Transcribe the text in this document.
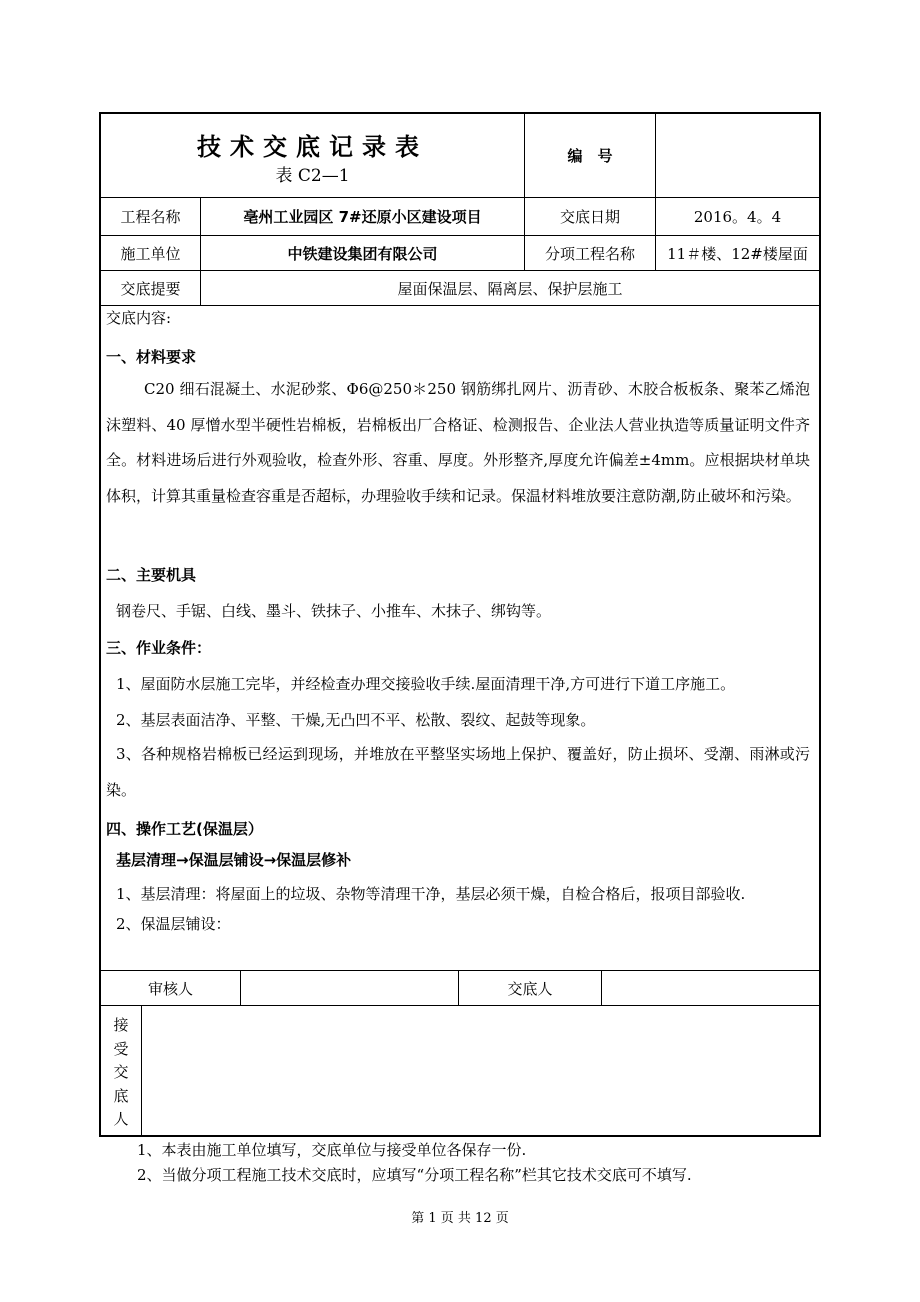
技术交底记录表
表 C2—1
编　号
工程名称	亳州工业园区 7#还原小区建设项目	交底日期	2016。4。4
施工单位	中铁建设集团有限公司	分项工程名称	11＃楼、12#楼屋面
交底提要	屋面保温层、隔离层、保护层施工
交底内容:
一、材料要求
C20 细石混凝土、水泥砂浆、Φ6@250＊250 钢筋绑扎网片、沥青砂、木胶合板板条、聚苯乙烯泡沫塑料、40 厚憎水型半硬性岩棉板，岩棉板出厂合格证、检测报告、企业法人营业执造等质量证明文件齐全。材料进场后进行外观验收，检查外形、容重、厚度。外形整齐,厚度允许偏差±4mm。应根据块材单块体积，计算其重量检查容重是否超标，办理验收手续和记录。保温材料堆放要注意防潮,防止破坏和污染。
二、主要机具
钢卷尺、手锯、白线、墨斗、铁抹子、小推车、木抹子、绑钩等。
三、作业条件：
1、屋面防水层施工完毕，并经检查办理交接验收手续.屋面清理干净,方可进行下道工序施工。
2、基层表面洁净、平整、干燥,无凸凹不平、松散、裂纹、起鼓等现象。
3、各种规格岩棉板已经运到现场，并堆放在平整坚实场地上保护、覆盖好，防止损坏、受潮、雨淋或污染。
四、操作工艺(保温层）
基层清理→保温层铺设→保温层修补
1、基层清理：将屋面上的垃圾、杂物等清理干净，基层必须干燥，自检合格后，报项目部验收.
2、保温层铺设：
审核人	交底人
接受交底人
1、本表由施工单位填写，交底单位与接受单位各保存一份.
2、当做分项工程施工技术交底时，应填写“分项工程名称”栏其它技术交底可不填写.
第 1 页 共 12 页
